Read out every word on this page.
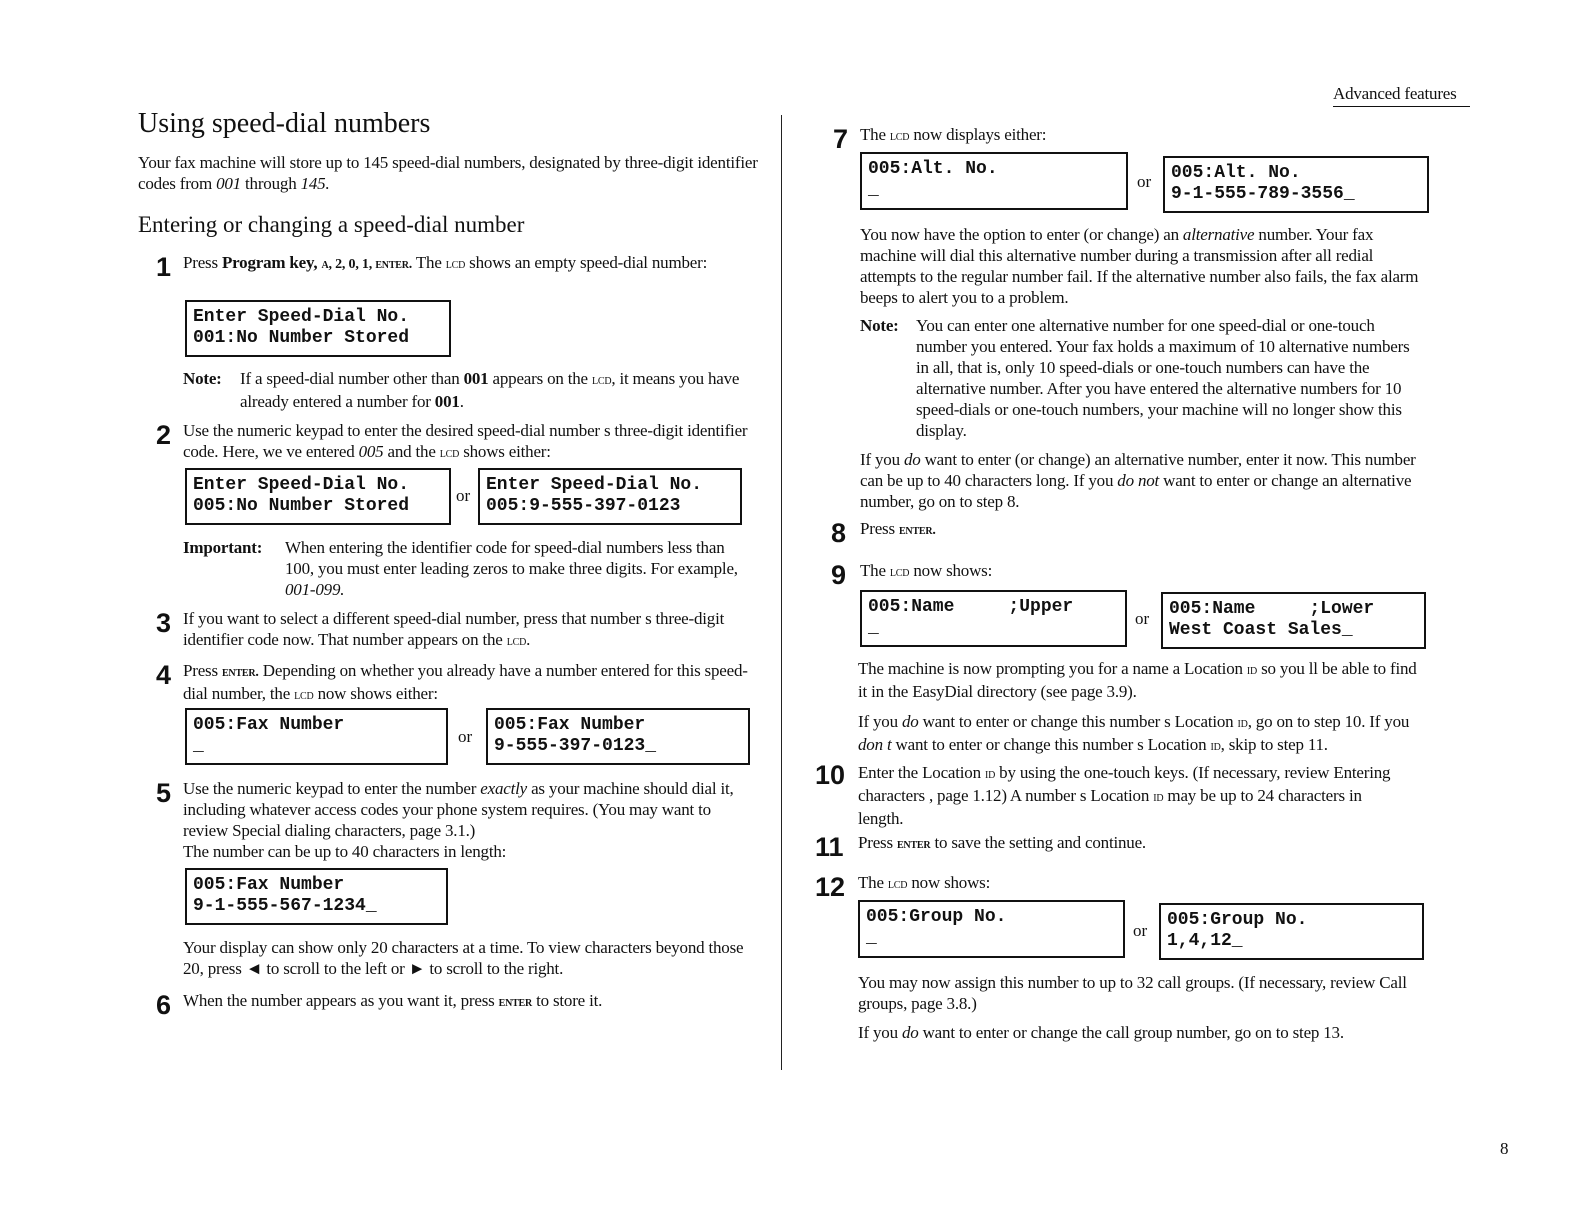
Advanced features
8
Using speed-dial numbers
Your fax machine will store up to 145 speed-dial numbers, designated by three-digit identifier codes from 001 through 145.
Entering or changing a speed-dial number
1 Press Program key, a, 2, 0, 1, enter. The lcd shows an empty speed-dial number:
Enter Speed-Dial No.
001:No Number Stored
Note: If a speed-dial number other than 001 appears on the lcd, it means you have already entered a number for 001.
2 Use the numeric keypad to enter the desired speed-dial number s three-digit identifier code. Here, we ve entered 005 and the lcd shows either:
Enter Speed-Dial No.
005:No Number Stored
or
Enter Speed-Dial No.
005:9-555-397-0123
Important: When entering the identifier code for speed-dial numbers less than 100, you must enter leading zeros to make three digits. For example, 001-099.
3 If you want to select a different speed-dial number, press that number s three-digit identifier code now. That number appears on the lcd.
4 Press enter. Depending on whether you already have a number entered for this speed-dial number, the lcd now shows either:
005:Fax Number
_	or
005:Fax Number
9-555-397-0123_
5 Use the numeric keypad to enter the number exactly as your machine should dial it, including whatever access codes your phone system requires. (You may want to review Special dialing characters, page 3.1.)
The number can be up to 40 characters in length:
005:Fax Number
9-1-555-567-1234_
Your display can show only 20 characters at a time. To view characters beyond those 20, press ◄ to scroll to the left or ► to scroll to the right.
6 When the number appears as you want it, press enter to store it.
7 The lcd now displays either:
005:Alt. No.
_	or 005:Alt. No.
9-1-555-789-3556_
You now have the option to enter (or change) an alternative number. Your fax machine will dial this alternative number during a transmission after all redial attempts to the regular number fail. If the alternative number also fails, the fax alarm beeps to alert you to a problem.
Note: You can enter one alternative number for one speed-dial or one-touch number you entered. Your fax holds a maximum of 10 alternative numbers in all, that is, only 10 speed-dials or one-touch numbers can have the alternative number. After you have entered the alternative numbers for 10 speed-dials or one-touch numbers, your machine will no longer show this display.
If you do want to enter (or change) an alternative number, enter it now. This number can be up to 40 characters long. If you do not want to enter or change an alternative number, go on to step 8.
8 Press enter.
9 The lcd now shows:
005:Name     ;Upper
_	or 005:Name     ;Lower
West Coast Sales_
The machine is now prompting you for a name a Location id so you ll be able to find it in the EasyDial directory (see page 3.9).
If you do want to enter or change this number s Location id, go on to step 10. If you don t want to enter or change this number s Location id, skip to step 11.
10 Enter the Location id by using the one-touch keys. (If necessary, review Entering characters , page 1.12) A number s Location id may be up to 24 characters in length.
11 Press enter to save the setting and continue.
12 The lcd now shows:
005:Group No.
_	or
005:Group No.
1,4,12_
You may now assign this number to up to 32 call groups. (If necessary, review Call groups, page 3.8.)
If you do want to enter or change the call group number, go on to step 13.
